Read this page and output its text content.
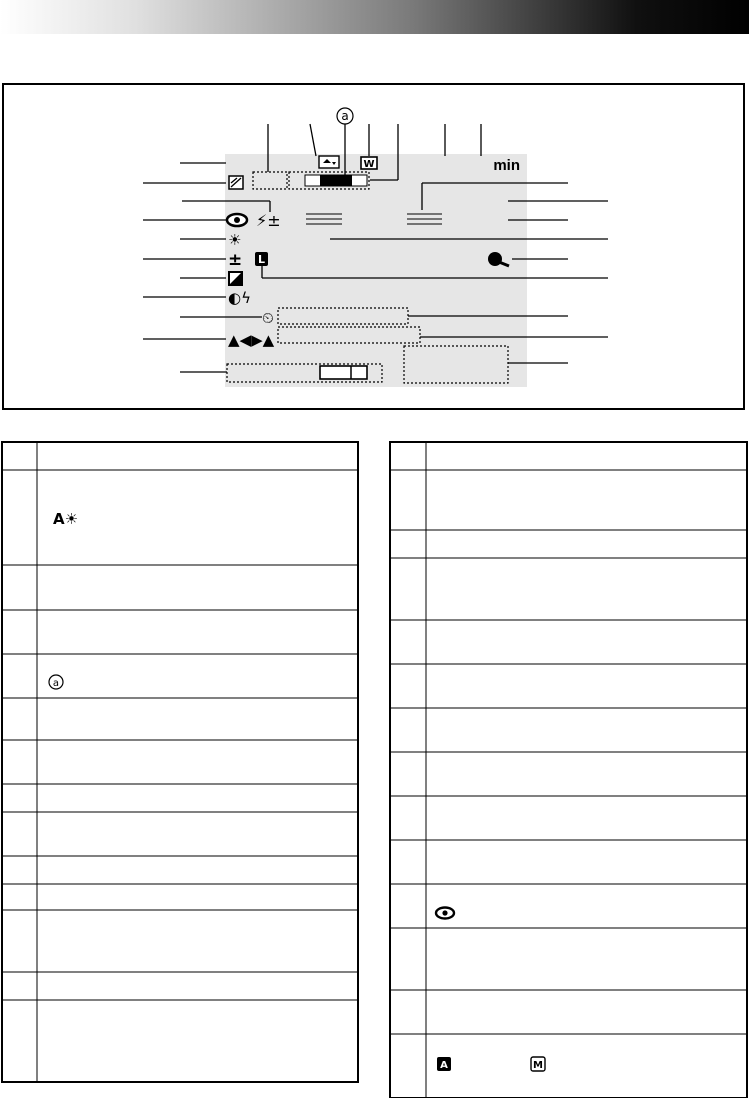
a
W	min
⚡±
☀
± L
◐ϟ
⏲
▲◀▶▲
A☀
a
A	M
